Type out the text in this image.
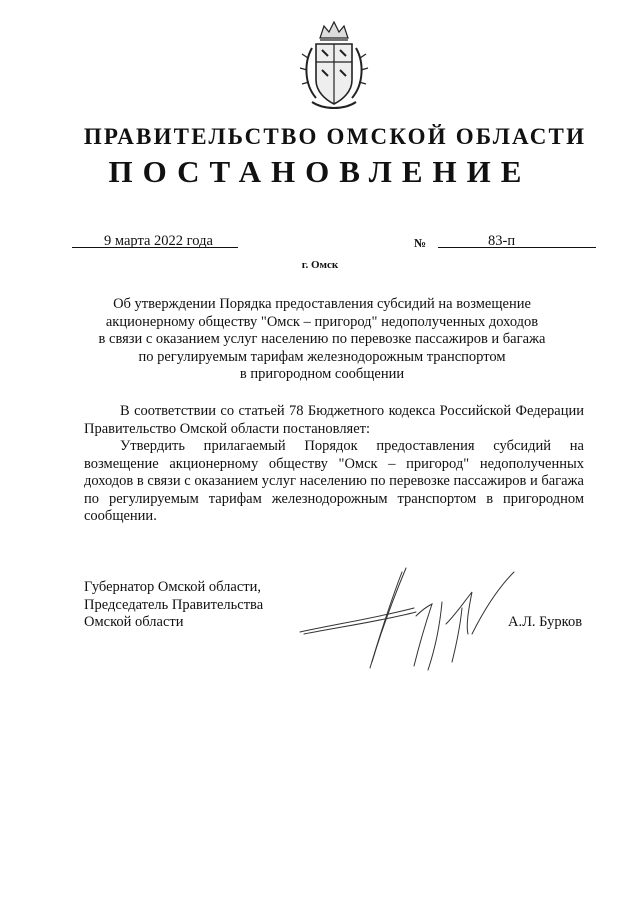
ПРАВИТЕЛЬСТВО ОМСКОЙ ОБЛАСТИ
ПОСТАНОВЛЕНИЕ
9 марта 2022 года	№	83-п
г. Омск

Об утверждении Порядка предоставления субсидий на возмещение
акционерному обществу "Омск – пригород" недополученных доходов
в связи с оказанием услуг населению по перевозке пассажиров и багажа
по регулируемым тарифам железнодорожным транспортом
в пригородном сообщении

В соответствии со статьей 78 Бюджетного кодекса Российской Федерации Правительство Омской области постановляет:

Утвердить прилагаемый Порядок предоставления субсидий на возмещение акционерному обществу "Омск – пригород" недополученных доходов в связи с оказанием услуг населению по перевозке пассажиров и багажа по регулируемым тарифам железнодорожным транспортом в пригородном сообщении.

Губернатор Омской области,
Председатель Правительства
Омской области	А.Л. Бурков
